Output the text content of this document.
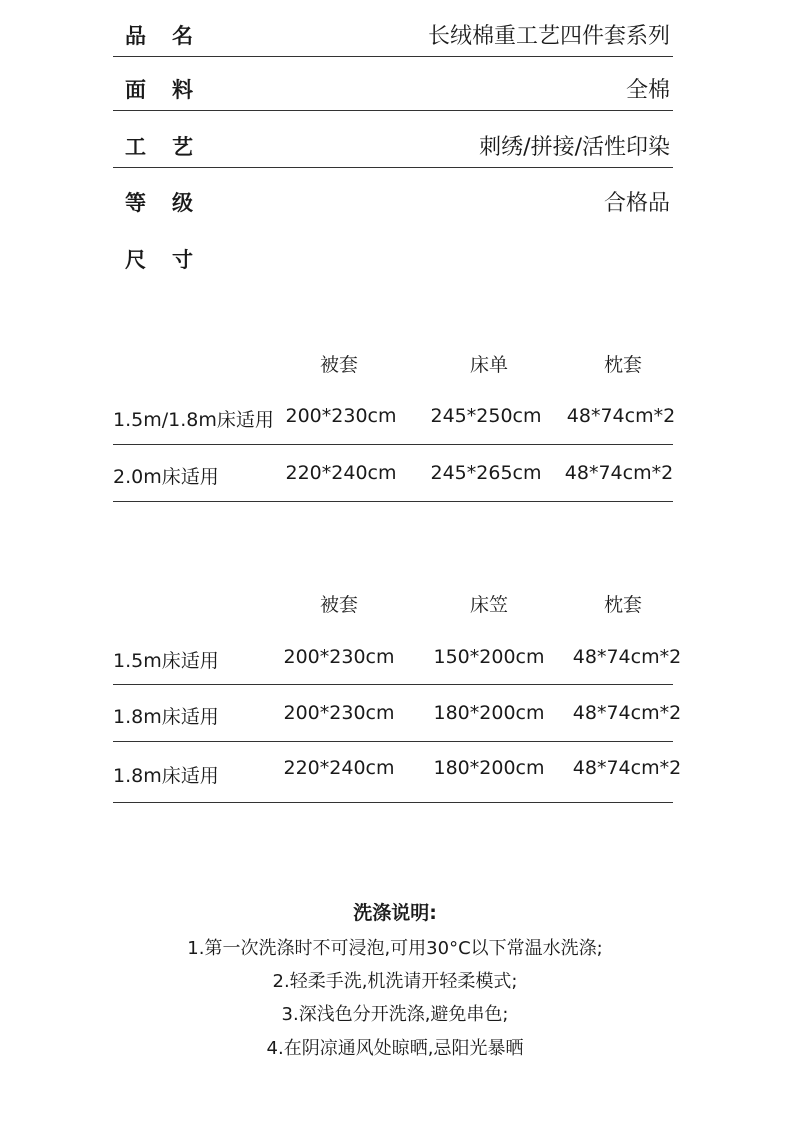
品名	长绒棉重工艺四件套系列
面料	全棉
工艺	刺绣/拼接/活性印染
等级	合格品
尺寸
被套	床单	枕套
1.5m/1.8m床适用 200*230cm 245*250cm 48*74cm*2
2.0m床适用	220*240cm 245*265cm 48*74cm*2
被套	床笠	枕套
1.5m床适用	200*230cm 150*200cm 48*74cm*2
1.8m床适用	200*230cm 180*200cm 48*74cm*2
1.8m床适用	220*240cm 180*200cm 48*74cm*2
洗涤说明:
1.第一次洗涤时不可浸泡,可用30°C以下常温水洗涤;
2.轻柔手洗,机洗请开轻柔模式;
3.深浅色分开洗涤,避免串色;
4.在阴凉通风处晾晒,忌阳光暴晒
